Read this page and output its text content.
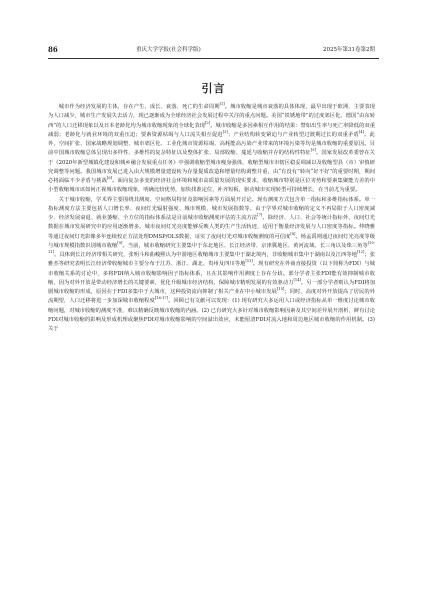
86	重庆大学学报(社会科学版)	2025年第31卷第2期
引言

城市作为经济发展的主体，存在产生、成长、衰落、死亡的生命周期[1]。城市收缩是城市衰落的具体体现，最早出现于欧洲，主要表现为人口减少，城市生产发展失去活力，现已逐渐成为全球经济社会发展过程中关注的重点问题。美国“铁锈地带”的过度郊区化、德国“由东转西”的人口迁移现象以及日本老龄化均为城市收缩现象的全球化表现[2]。城市收缩是多因素相互作用的结果：譬如出生率与死亡率降低的双重减弱；老龄化与就业环境的双重压迫；要素资源枯竭与人口流失相互促进[3]；产业结构转变紧迫与产业转型过渡期过长的双重矛盾[4]。此外，空间扩张、国家战略规划调整、城市郊区化、工业化城市资源枯竭、高耗能高污染产业带来的环境污染等均是城市收缩的重要原因。目前中国城市收缩总体呈现出多样性、多维性的复杂特征以及整体扩张、局部收缩、蔓延与收缩并存的结构性特征[5]。国家发展改革委曾在关于《2020年新型城镇化建设和城乡融合发展重点任务》中强调收缩型城市瘦身强体，收缩型城市市辖区稳妥调减以及收缩型县（市）审慎研究调整等问题。我国城市发展已进入由大规模增量建设转为存量提质改造和增量结构调整并重，由“有没有”转向“好不好”的重要时期，期间必将面临不少矛盾与挑战[6]。面向复杂多变的经济社会环境和城市高质量发展的现实要求，收缩城市特别是区位劣势和要素集聚能力差的中小型收缩城市该如何正视城市收缩现象，明确比较优势，加快找准定位，补齐短板，驱动城市实现转型可持续增长，在当前尤为重要。

关于城市收缩，学术界主要围绕其测度、空间格局特征及影响因素等方面展开讨论。现有测度方式包含单一指标和多维指标体系。单一指标测度方法主要包括人口增长率、夜间灯光辐射强度、城市规模、城市发展指数等。由于学界对城市收缩的定义不再局限于人口密度减少、经济发展衰退、就业萎缩、全方位的指标体系法是目前城市收缩测度评估的主流方法[7]。除经济、人口、社会等统计指标外，夜间灯光数据在城市发展研究中的应用逐渐增多。城市夜间灯光亮度能够反映人类的生产生活轨迹，适用于衡量经济发展与人口密度等指标。仲晓雅等通过夜间灯光影像多年连续校正方法处理DMSP/OLS数据，证实了夜间灯光对城市收缩测度的可信度[8]。杨孟禹则通过夜间灯光亮度等级与城市规模指数识别城市收缩[9]。当前，城市收缩研究主要集中于东北地区、长江经济带、京津冀地区、黄河流域、长三角以及珠三角等[10-11]。具体到长江经济带相关研究，张明斗和曲峻熙认为中游地区收缩城市主要集中于湖北境内，非收缩城市集中于湖南以及江西等地[12]；张雅杰等研究表明长江经济带收缩城市主要分布于江苏、浙江、湖北、贵州及四川等地[13]。现有研究在外商直接投资（以下简称为FDI）与城市收缩关系的讨论中，多将FDI纳入城市收缩影响因子指标体系，且在其影响作用测度上存在分歧。部分学者主张FDI能有效抑制城市收缩，因为对外开放是带动经济增长的关键要素，优化升级城市经济结构，保障城市精明发展的有效驱动力[14]。另一部分学者则认为FDI将加剧城市收缩的形成，原因在于FDI多集中于大城市，这种投资流向抑制了相关产业在中小城市发展[15]；同时，高度对外开放提高了居民的外流期望，人口迁移将进一步加深城市收缩程度[16-17]。回顾已有文献可以发现：(1) 现有研究大多运用人口或经济指标从单一维度讨论城市收缩问题，对城市收缩的测度不准，难以精确反映城市收缩的内涵。(2) 已有研究大多针对城市收缩影响因素及其空间差异展开剖析，鲜有讨论FDI对城市收缩的影响及形成机理或聚焦FDI对城市收缩影响的空间溢出效应，未能厘清FDI对流入地和周边地区城市收缩的作用机制。(3) 关于
